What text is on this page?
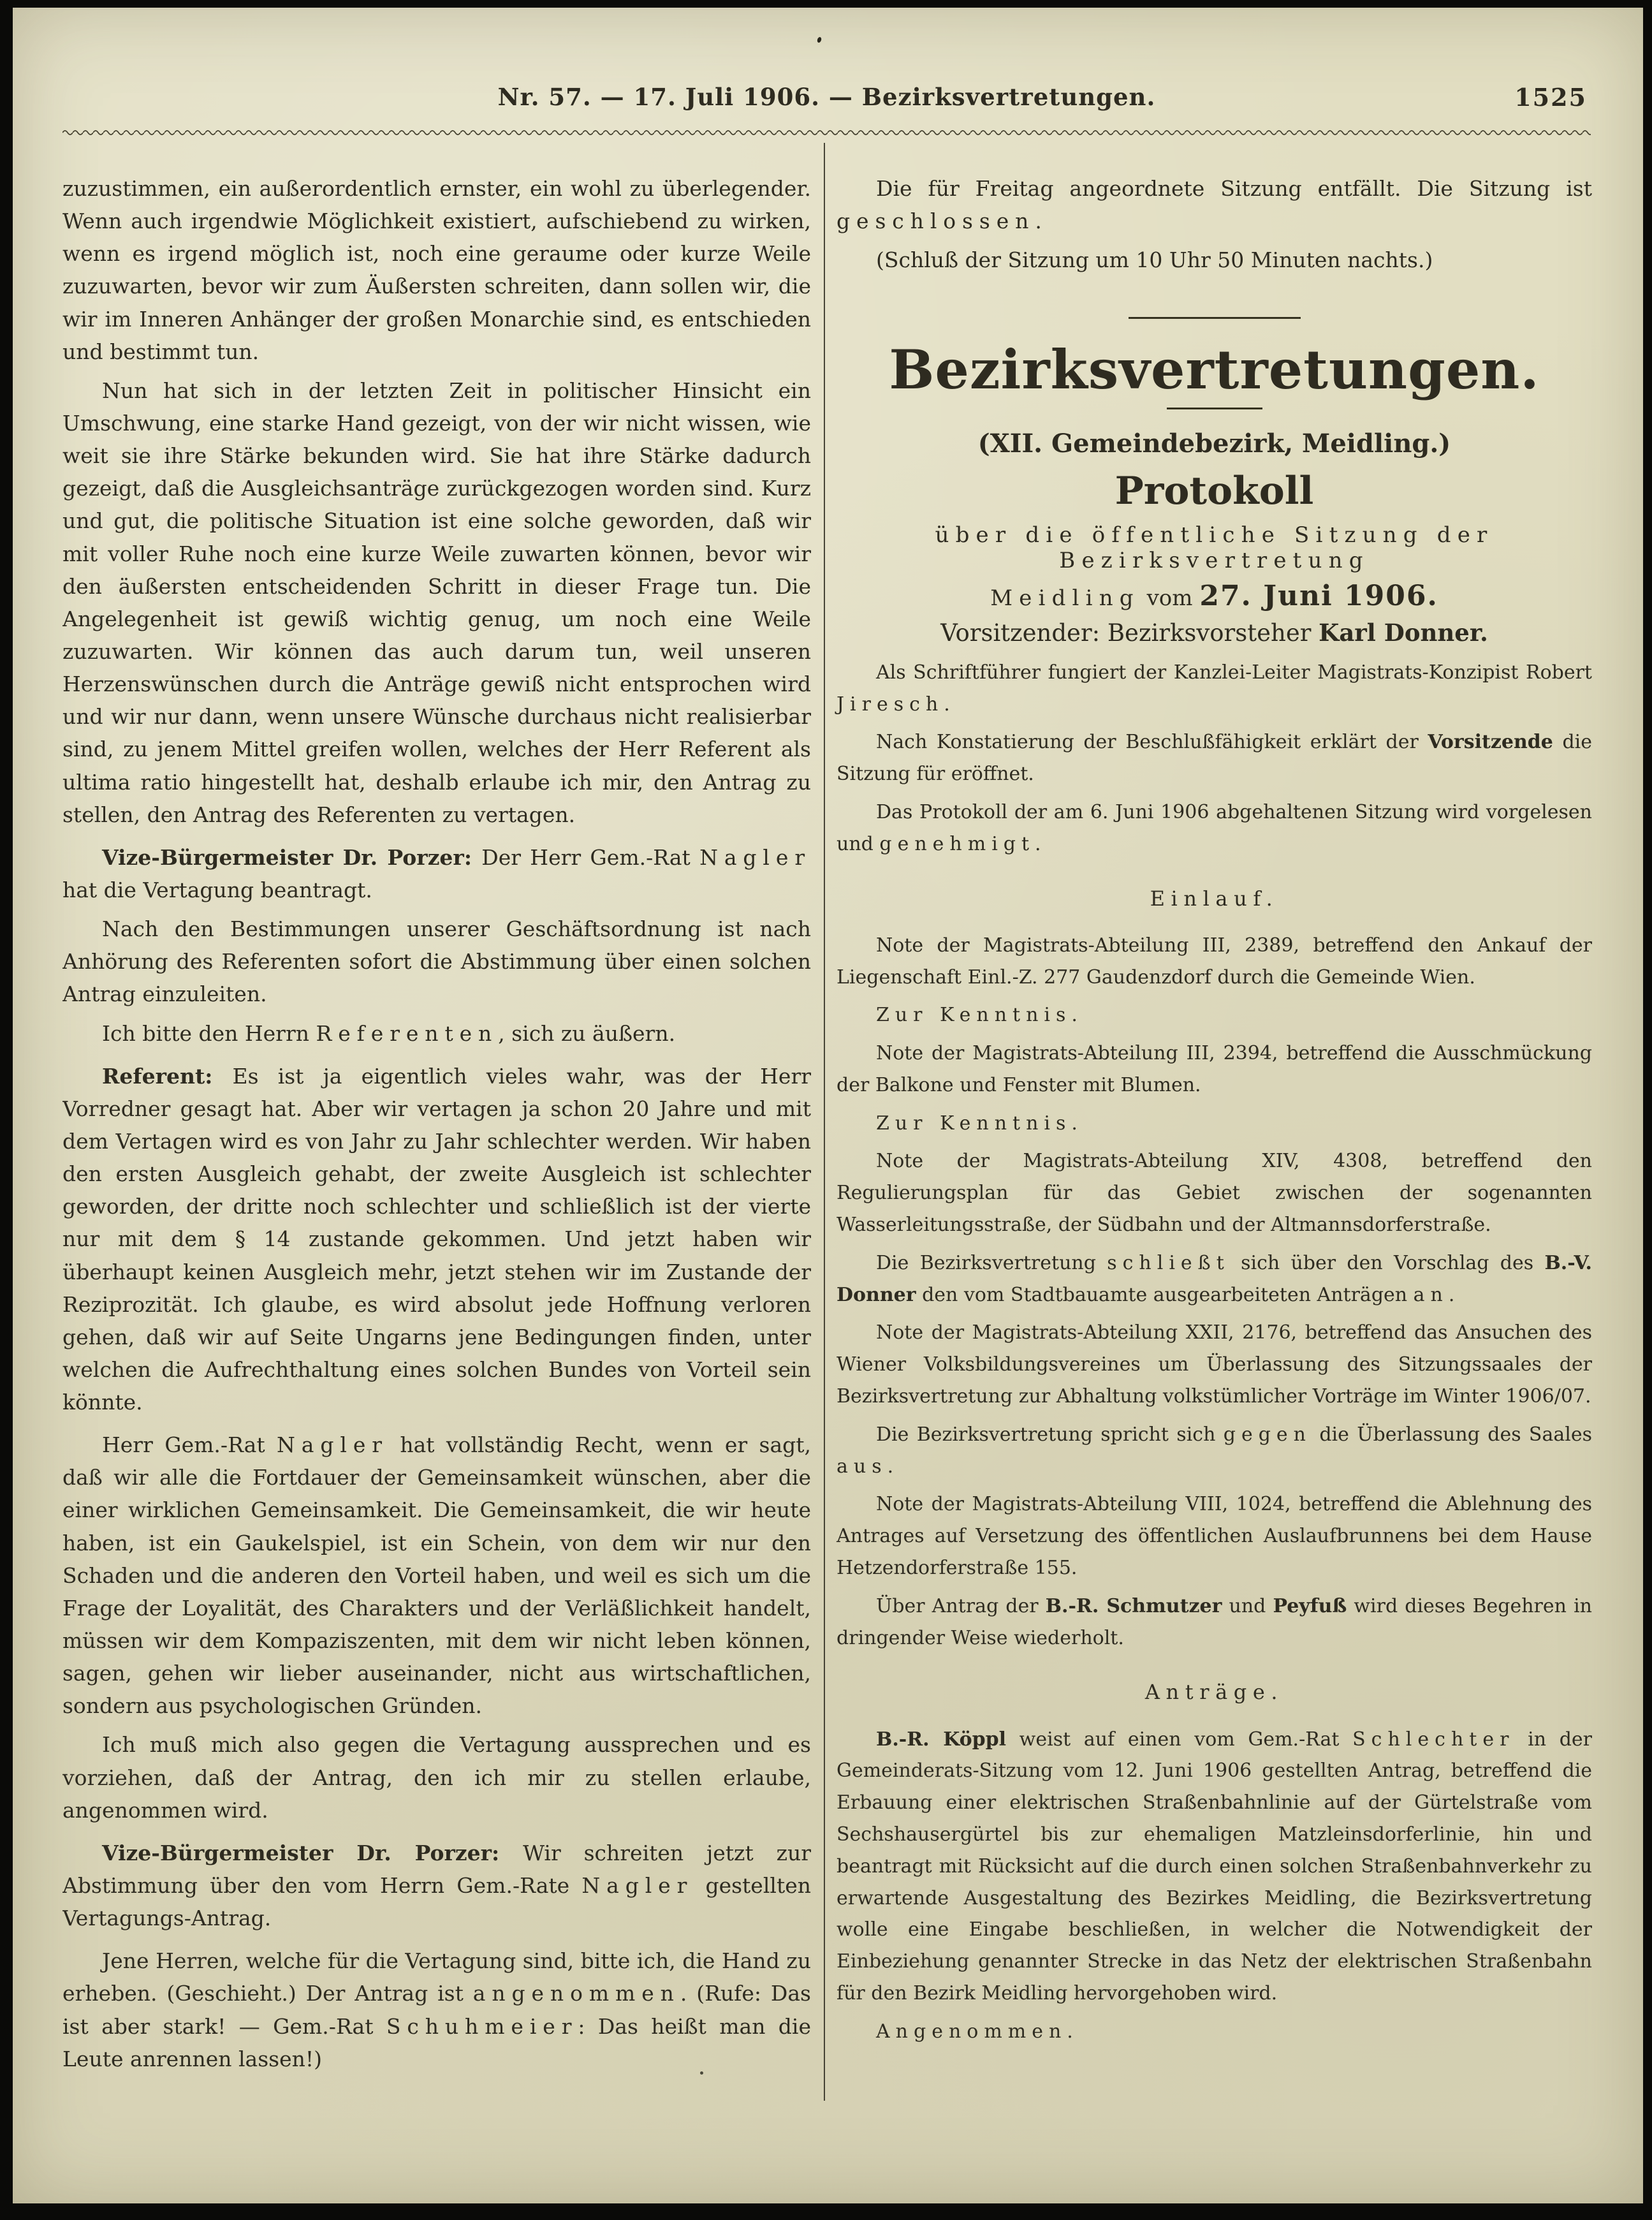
Nr. 57. — 17. Juli 1906. — Bezirksvertretungen.	1525

zuzustimmen, ein außerordentlich ernster, ein wohl zu überlegender. Wenn auch irgendwie Möglichkeit existiert, aufschiebend zu wirken, wenn es irgend möglich ist, noch eine geraume oder kurze Weile zuzuwarten, bevor wir zum Äußersten schreiten, dann sollen wir, die wir im Inneren Anhänger der großen Monarchie sind, es entschieden und bestimmt tun.

Nun hat sich in der letzten Zeit in politischer Hinsicht ein Umschwung, eine starke Hand gezeigt, von der wir nicht wissen, wie weit sie ihre Stärke bekunden wird. Sie hat ihre Stärke dadurch gezeigt, daß die Ausgleichsanträge zurückgezogen worden sind. Kurz und gut, die politische Situation ist eine solche geworden, daß wir mit voller Ruhe noch eine kurze Weile zuwarten können, bevor wir den äußersten entscheidenden Schritt in dieser Frage tun. Die Angelegenheit ist gewiß wichtig genug, um noch eine Weile zuzuwarten. Wir können das auch darum tun, weil unseren Herzenswünschen durch die Anträge gewiß nicht entsprochen wird und wir nur dann, wenn unsere Wünsche durchaus nicht realisierbar sind, zu jenem Mittel greifen wollen, welches der Herr Referent als ultima ratio hingestellt hat, deshalb erlaube ich mir, den Antrag zu stellen, den Antrag des Referenten zu vertagen.

Vize-Bürgermeister Dr. Porzer: Der Herr Gem.-Rat Nagler hat die Vertagung beantragt.

Nach den Bestimmungen unserer Geschäftsordnung ist nach Anhörung des Referenten sofort die Abstimmung über einen solchen Antrag einzuleiten.

Ich bitte den Herrn Referenten, sich zu äußern.

Referent: Es ist ja eigentlich vieles wahr, was der Herr Vorredner gesagt hat. Aber wir vertagen ja schon 20 Jahre und mit dem Vertagen wird es von Jahr zu Jahr schlechter werden. Wir haben den ersten Ausgleich gehabt, der zweite Ausgleich ist schlechter geworden, der dritte noch schlechter und schließlich ist der vierte nur mit dem § 14 zustande gekommen. Und jetzt haben wir überhaupt keinen Ausgleich mehr, jetzt stehen wir im Zustande der Reziprozität. Ich glaube, es wird absolut jede Hoffnung verloren gehen, daß wir auf Seite Ungarns jene Bedingungen finden, unter welchen die Aufrechthaltung eines solchen Bundes von Vorteil sein könnte.

Herr Gem.-Rat Nagler hat vollständig Recht, wenn er sagt, daß wir alle die Fortdauer der Gemeinsamkeit wünschen, aber die einer wirklichen Gemeinsamkeit. Die Gemeinsamkeit, die wir heute haben, ist ein Gaukelspiel, ist ein Schein, von dem wir nur den Schaden und die anderen den Vorteil haben, und weil es sich um die Frage der Loyalität, des Charakters und der Verläßlichkeit handelt, müssen wir dem Kompaziszenten, mit dem wir nicht leben können, sagen, gehen wir lieber auseinander, nicht aus wirtschaftlichen, sondern aus psychologischen Gründen.

Ich muß mich also gegen die Vertagung aussprechen und es vorziehen, daß der Antrag, den ich mir zu stellen erlaube, angenommen wird.

Vize-Bürgermeister Dr. Porzer: Wir schreiten jetzt zur Abstimmung über den vom Herrn Gem.-Rate Nagler gestellten Vertagungs-Antrag.

Jene Herren, welche für die Vertagung sind, bitte ich, die Hand zu erheben. (Geschieht.) Der Antrag ist angenommen. (Rufe: Das ist aber stark! — Gem.-Rat Schuhmeier: Das heißt man die Leute anrennen lassen!)

Die für Freitag angeordnete Sitzung entfällt. Die Sitzung ist geschlossen.

(Schluß der Sitzung um 10 Uhr 50 Minuten nachts.)

Bezirksvertretungen.

(XII. Gemeindebezirk, Meidling.)

Protokoll

über die öffentliche Sitzung der Bezirksvertretung

Meidling vom 27. Juni 1906.

Vorsitzender: Bezirksvorsteher Karl Donner.

Als Schriftführer fungiert der Kanzlei-Leiter Magistrats-Konzipist Robert Jiresch.

Nach Konstatierung der Beschlußfähigkeit erklärt der Vorsitzende die Sitzung für eröffnet.

Das Protokoll der am 6. Juni 1906 abgehaltenen Sitzung wird vorgelesen und genehmigt.

Einlauf.

Note der Magistrats-Abteilung III, 2389, betreffend den Ankauf der Liegenschaft Einl.-Z. 277 Gaudenzdorf durch die Gemeinde Wien.

Zur Kenntnis.

Note der Magistrats-Abteilung III, 2394, betreffend die Ausschmückung der Balkone und Fenster mit Blumen.

Zur Kenntnis.

Note der Magistrats-Abteilung XIV, 4308, betreffend den Regulierungsplan für das Gebiet zwischen der sogenannten Wasserleitungsstraße, der Südbahn und der Altmannsdorferstraße.

Die Bezirksvertretung schließt sich über den Vorschlag des B.-V. Donner den vom Stadtbauamte ausgearbeiteten Anträgen an.

Note der Magistrats-Abteilung XXII, 2176, betreffend das Ansuchen des Wiener Volksbildungsvereines um Überlassung des Sitzungssaales der Bezirksvertretung zur Abhaltung volkstümlicher Vorträge im Winter 1906/07.

Die Bezirksvertretung spricht sich gegen die Überlassung des Saales aus.

Note der Magistrats-Abteilung VIII, 1024, betreffend die Ablehnung des Antrages auf Versetzung des öffentlichen Auslaufbrunnens bei dem Hause Hetzendorferstraße 155.

Über Antrag der B.-R. Schmutzer und Peyfuß wird dieses Begehren in dringender Weise wiederholt.

Anträge.

B.-R. Köppl weist auf einen vom Gem.-Rat Schlechter in der Gemeinderats-Sitzung vom 12. Juni 1906 gestellten Antrag, betreffend die Erbauung einer elektrischen Straßenbahnlinie auf der Gürtelstraße vom Sechshausergürtel bis zur ehemaligen Matzleinsdorferlinie, hin und beantragt mit Rücksicht auf die durch einen solchen Straßenbahnverkehr zu erwartende Ausgestaltung des Bezirkes Meidling, die Bezirksvertretung wolle eine Eingabe beschließen, in welcher die Notwendigkeit der Einbeziehung genannter Strecke in das Netz der elektrischen Straßenbahn für den Bezirk Meidling hervorgehoben wird.

Angenommen.
